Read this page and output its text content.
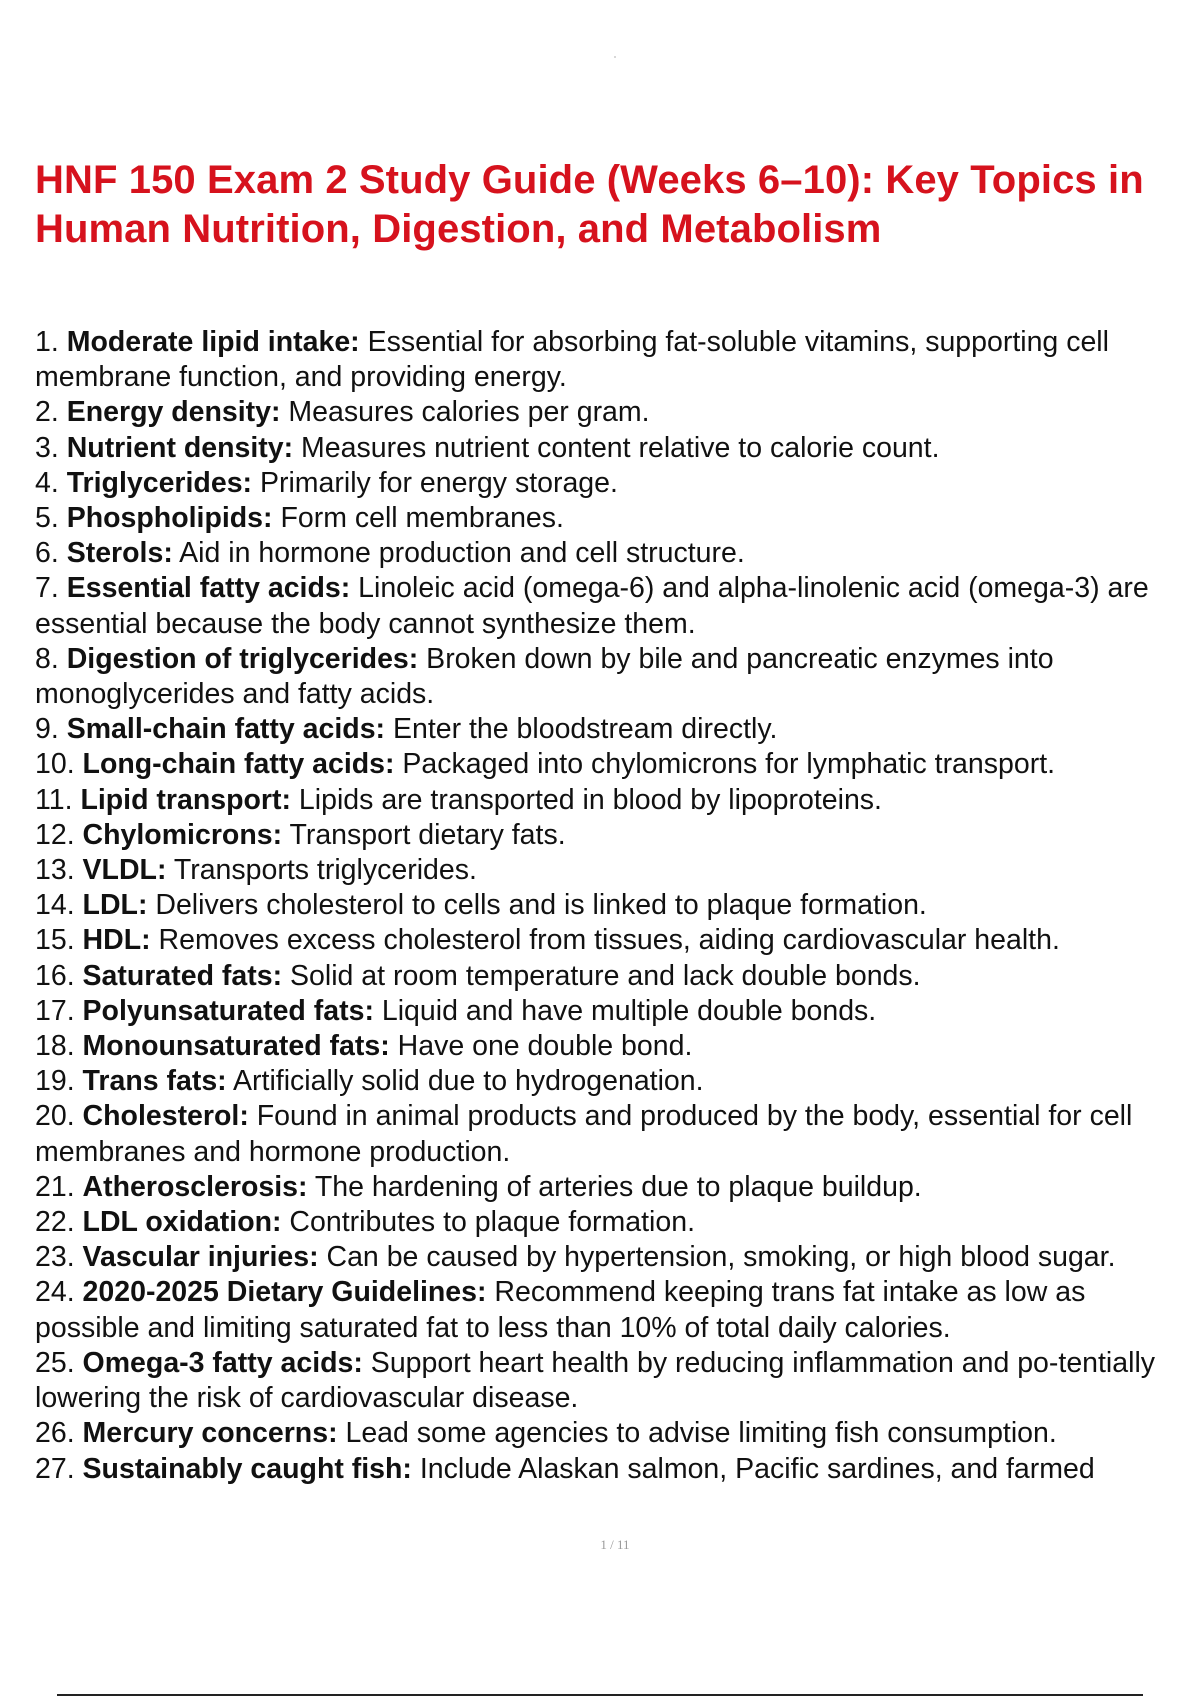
HNF 150 Exam 2 Study Guide (Weeks 6–10): Key Topics in Human Nutrition, Digestion, and Metabolism
1. Moderate lipid intake: Essential for absorbing fat-soluble vitamins, supporting cell membrane function, and providing energy.
2. Energy density: Measures calories per gram.
3. Nutrient density: Measures nutrient content relative to calorie count.
4. Triglycerides: Primarily for energy storage.
5. Phospholipids: Form cell membranes.
6. Sterols: Aid in hormone production and cell structure.
7. Essential fatty acids: Linoleic acid (omega-6) and alpha-linolenic acid (omega-3) are essential because the body cannot synthesize them.
8. Digestion of triglycerides: Broken down by bile and pancreatic enzymes into monoglycerides and fatty acids.
9. Small-chain fatty acids: Enter the bloodstream directly.
10. Long-chain fatty acids: Packaged into chylomicrons for lymphatic transport.
11. Lipid transport: Lipids are transported in blood by lipoproteins.
12. Chylomicrons: Transport dietary fats.
13. VLDL: Transports triglycerides.
14. LDL: Delivers cholesterol to cells and is linked to plaque formation.
15. HDL: Removes excess cholesterol from tissues, aiding cardiovascular health.
16. Saturated fats: Solid at room temperature and lack double bonds.
17. Polyunsaturated fats: Liquid and have multiple double bonds.
18. Monounsaturated fats: Have one double bond.
19. Trans fats: Artificially solid due to hydrogenation.
20. Cholesterol: Found in animal products and produced by the body, essential for cell membranes and hormone production.
21. Atherosclerosis: The hardening of arteries due to plaque buildup.
22. LDL oxidation: Contributes to plaque formation.
23. Vascular injuries: Can be caused by hypertension, smoking, or high blood sugar.
24. 2020-2025 Dietary Guidelines: Recommend keeping trans fat intake as low as possible and limiting saturated fat to less than 10% of total daily calories.
25. Omega-3 fatty acids: Support heart health by reducing inflammation and po-tentially lowering the risk of cardiovascular disease.
26. Mercury concerns: Lead some agencies to advise limiting fish consumption.
27. Sustainably caught fish: Include Alaskan salmon, Pacific sardines, and farmed
1 / 11
